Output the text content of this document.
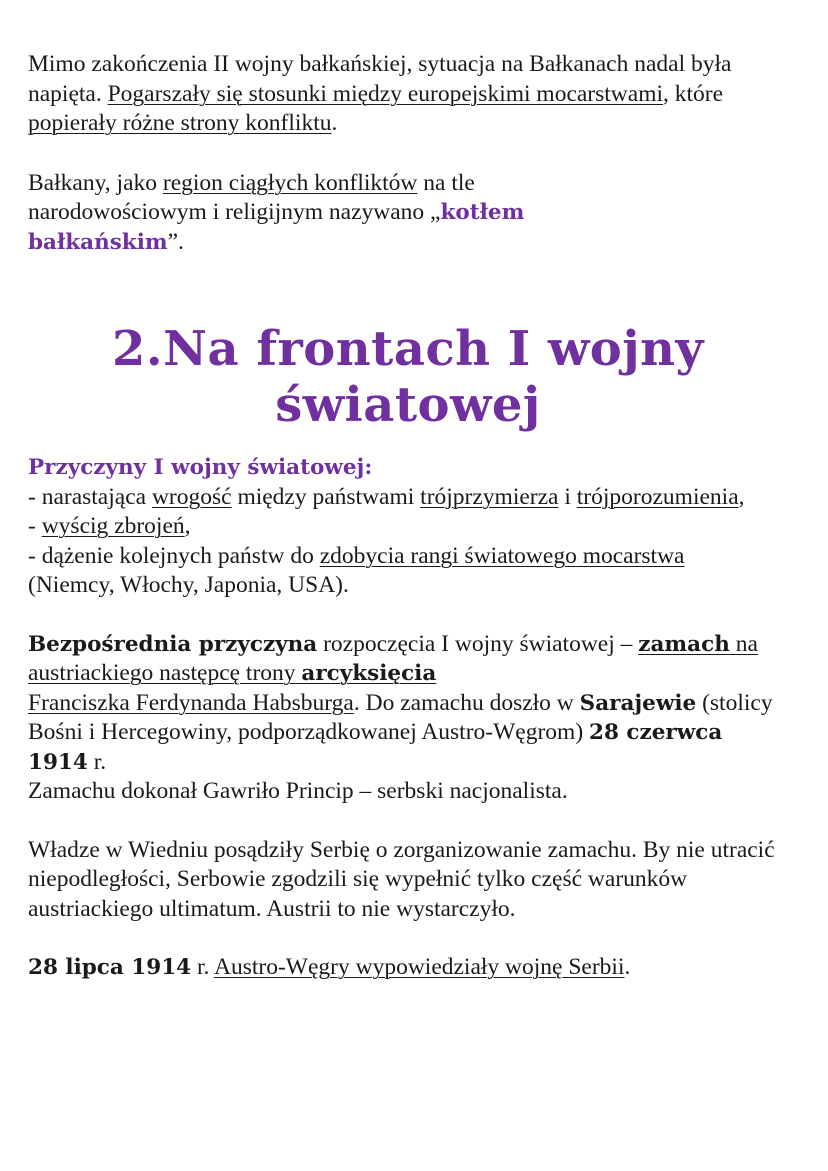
Mimo zakończenia II wojny bałkańskiej, sytuacja na Bałkanach nadal była napięta. Pogarszały się stosunki między europejskimi mocarstwami, które popierały różne strony konfliktu.

Bałkany, jako region ciągłych konfliktów na tle narodowościowym i religijnym nazywano „kotłem bałkańskim”.

2.Na frontach I wojny
światowej

Przyczyny I wojny światowej:

- narastająca wrogość między państwami trójprzymierza i trójporozumienia,

- wyścig zbrojeń,

- dążenie kolejnych państw do zdobycia rangi światowego mocarstwa (Niemcy, Włochy, Japonia, USA).

Bezpośrednia przyczyna rozpoczęcia I wojny światowej – zamach na austriackiego następcę trony arcyksięcia
Franciszka Ferdynanda Habsburga. Do zamachu doszło w Sarajewie (stolicy Bośni i Hercegowiny, podporządkowanej Austro-Węgrom) 28 czerwca 1914 r.

Zamachu dokonał Gawriło Princip – serbski nacjonalista.

Władze w Wiedniu posądziły Serbię o zorganizowanie zamachu. By nie utracić niepodległości, Serbowie zgodzili się wypełnić tylko część warunków austriackiego ultimatum. Austrii to nie wystarczyło.

28 lipca 1914 r. Austro-Węgry wypowiedziały wojnę Serbii.
